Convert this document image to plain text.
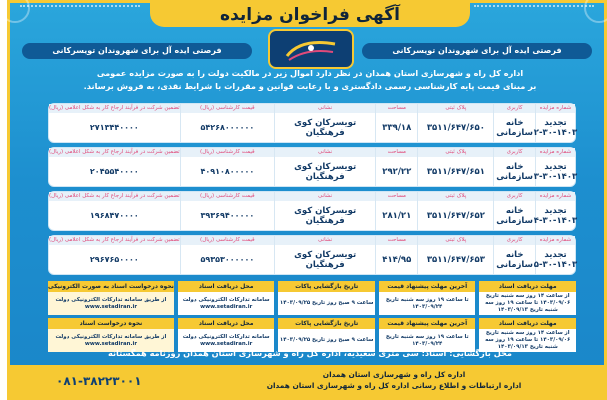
آگهی فراخوان مزایده
فرصتی ایده آل برای شهروندان تویسرکانی
فرصتی ایده آل برای شهروندان تویسرکانی
اداره کل راه و شهرسازی استان همدان در نظر دارد اموال زیر در مالکیت دولت را به صورت مزایده عمومی
بر مبنای قیمت پایه کارشناسی رسمی دادگستری و با رعایت قوانین و مقررات با شرایط نقدی، به فروش برساند.
شماره مزایده
تجدید ۱۴۰۳-۳۰-۲
کاربری
خانه سازمانی
پلاک ثبتی
۳۵۱۱/۶۴۷/۶۵۰
مساحت
۳۳۹/۱۸
نشانی
تویسرکان کوی فرهنگیان
قیمت کارشناسی (ریال)
۵۴۲۶۸۰۰۰۰۰۰
تضمین شرکت در فرآیند ارجاع کار به شکل اعلامی (ریال)
۲۷۱۳۴۴۰۰۰۰
شماره مزایده
تجدید ۱۴۰۳-۳۰-۳
کاربری
خانه سازمانی
پلاک ثبتی
۳۵۱۱/۶۴۷/۶۵۱
مساحت
۲۹۲/۲۲
نشانی
تویسرکان کوی فرهنگیان
قیمت کارشناسی (ریال)
۴۰۹۱۰۸۰۰۰۰۰
تضمین شرکت در فرآیند ارجاع کار به شکل اعلامی (ریال)
۲۰۴۵۵۴۰۰۰۰
شماره مزایده
تجدید ۱۴۰۳-۳۰-۴
کاربری
خانه سازمانی
پلاک ثبتی
۳۵۱۱/۶۴۷/۶۵۲
مساحت
۲۸۱/۲۱
نشانی
تویسرکان کوی فرهنگیان
قیمت کارشناسی (ریال)
۳۹۳۶۹۴۰۰۰۰۰
تضمین شرکت در فرآیند ارجاع کار به شکل اعلامی (ریال)
۱۹۶۸۴۷۰۰۰۰
شماره مزایده
تجدید ۱۴۰۳-۳۰-۵
کاربری
خانه سازمانی
پلاک ثبتی
۳۵۱۱/۶۴۷/۶۵۳
مساحت
۴۱۴/۹۵
نشانی
تویسرکان کوی فرهنگیان
قیمت کارشناسی (ریال)
۵۹۳۵۳۰۰۰۰۰۰
تضمین شرکت در فرآیند ارجاع کار به شکل اعلامی (ریال)
۲۹۶۷۶۵۰۰۰۰
مهلت دریافت اسناد
از ساعت ۱۴ روز سه شنبه تاریخ ۱۴۰۳/۰۹/۰۶ تا ساعت ۱۹ روز سه شنبه تاریخ ۱۴۰۳/۰۹/۱۳
آخرین مهلت پیشنهاد قیمت
تا ساعت ۱۹ روز سه شنبه تاریخ ۱۴۰۳/۰۹/۲۴
تاریخ بازگشایی پاکات
ساعت ۹ صبح روز تاریخ ۱۴۰۳/۰۹/۲۵
محل دریافت اسناد
سامانه تدارکات الکترونیکی دولت www.setadiran.ir
نحوه درخواست اسناد به صورت الکترونیکی
از طریق سامانه تدارکات الکترونیکی دولت www.setadiran.ir
مهلت دریافت اسناد
از ساعت ۱۴ روز سه شنبه تاریخ ۱۴۰۳/۰۹/۰۶ تا ساعت ۱۹ روز سه شنبه تاریخ ۱۴۰۳/۰۹/۱۳
آخرین مهلت پیشنهاد قیمت
تا ساعت ۱۹ روز سه شنبه تاریخ ۱۴۰۳/۰۹/۲۴
تاریخ بازگشایی پاکات
ساعت ۹ صبح روز تاریخ ۱۴۰۳/۰۹/۲۵
محل دریافت اسناد
سامانه تدارکات الکترونیکی دولت www.setadiran.ir
نحوه درخواست اسناد
از طریق سامانه تدارکات الکترونیکی دولت www.setadiran.ir
محل بازگشایی: اسناد: سی متری سعیدیه، اداره کل راه و شهرسازی استان همدان روزنامه همگستانه
اداره کل راه و شهرسازی استان همدان
اداره ارتباطات و اطلاع رسانی اداره کل راه و شهرسازی استان همدان
۰۸۱-۳۸۲۲۳۰۰۱
